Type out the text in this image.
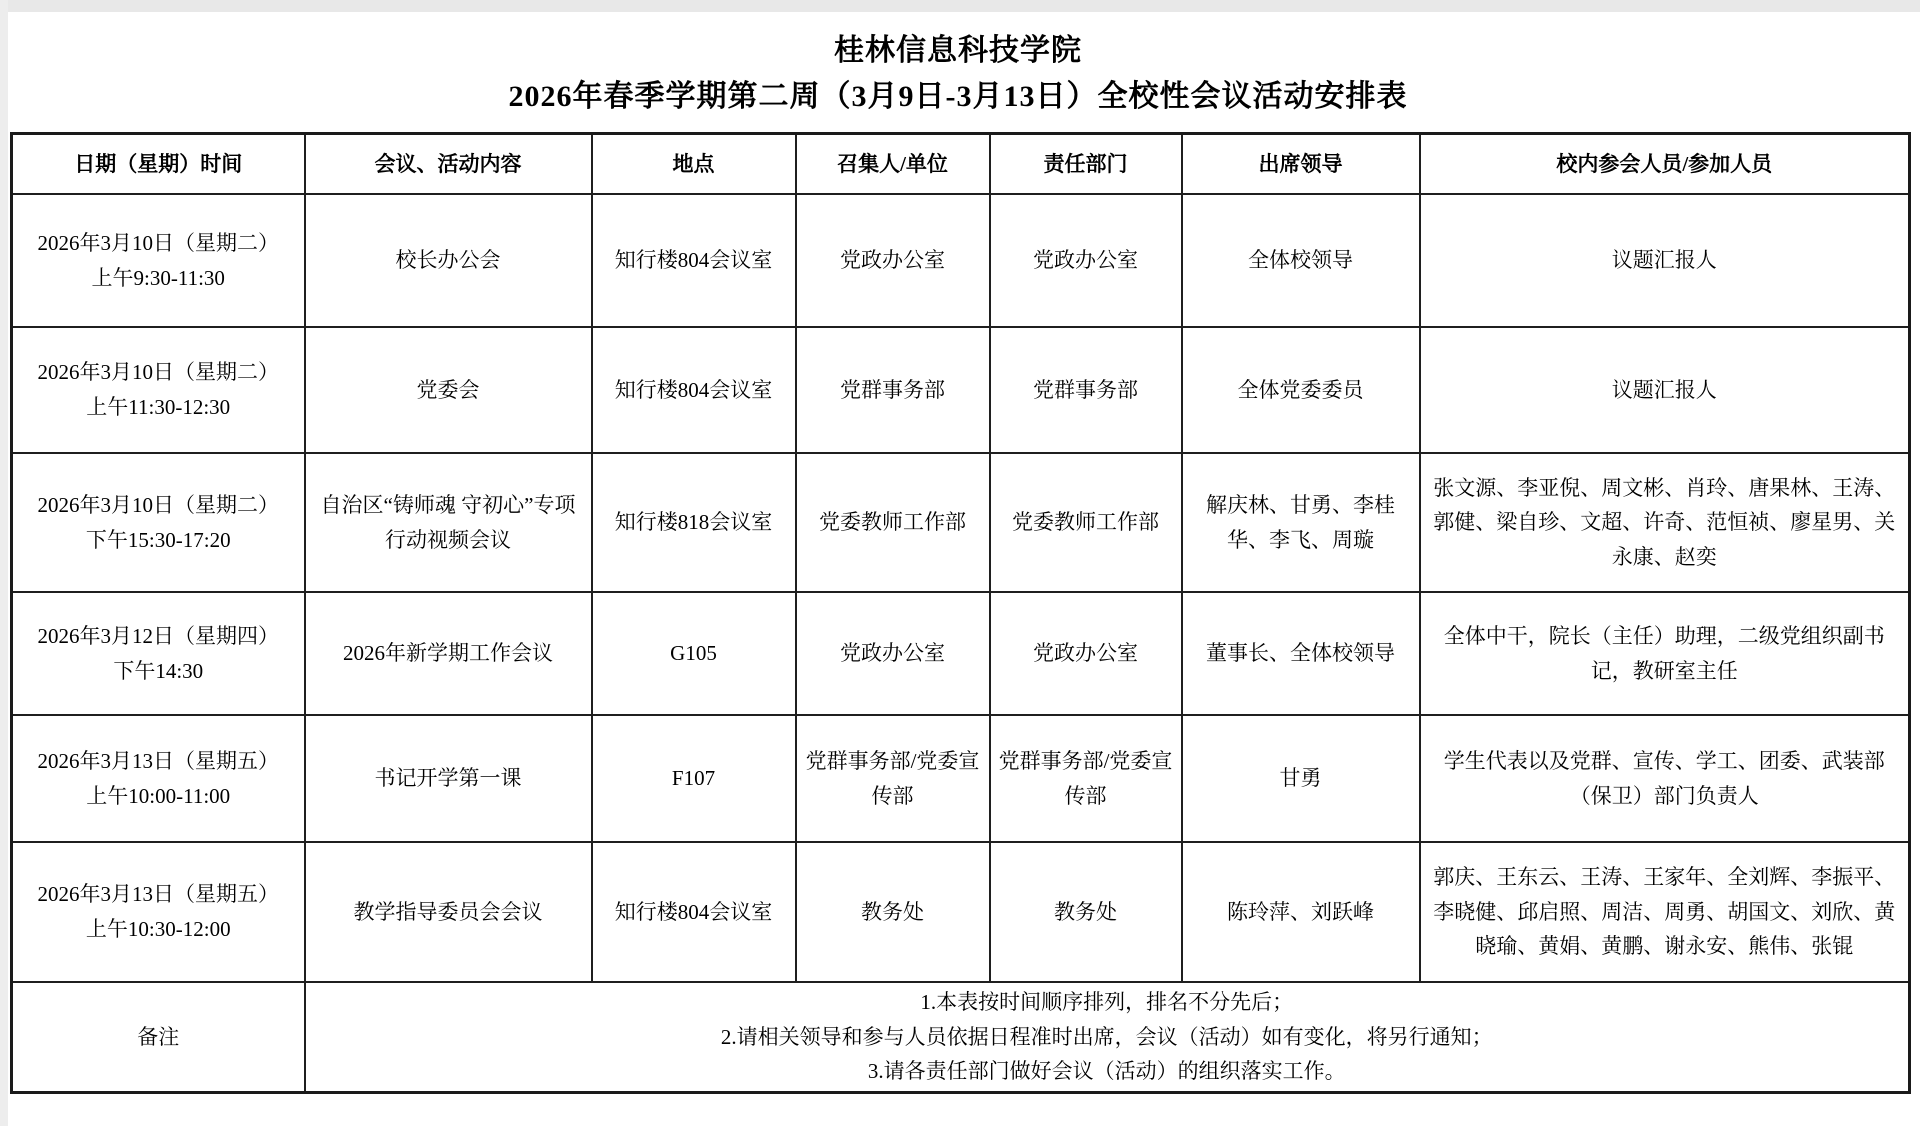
桂林信息科技学院
2026年春季学期第二周（3月9日-3月13日）全校性会议活动安排表
日期（星期）时间	会议、活动内容	地点	召集人/单位	责任部门	出席领导	校内参会人员/参加人员

2026年3月10日（星期二）
上午9:30-11:30	校长办公会	知行楼804会议室	党政办公室	党政办公室	全体校领导	议题汇报人

2026年3月10日（星期二）
上午11:30-12:30	党委会	知行楼804会议室	党群事务部	党群事务部	全体党委委员	议题汇报人

2026年3月10日（星期二）
下午15:30-17:20	自治区“铸师魂 守初心”专项行动视频会议	知行楼818会议室	党委教师工作部	党委教师工作部	解庆林、甘勇、李桂华、李飞、周璇	张文源、李亚倪、周文彬、肖玲、唐果林、王涛、郭健、梁自珍、文超、许奇、范恒祯、廖星男、关永康、赵奕

2026年3月12日（星期四）
下午14:30	2026年新学期工作会议	G105	党政办公室	党政办公室	董事长、全体校领导	全体中干，院长（主任）助理，二级党组织副书记，教研室主任

2026年3月13日（星期五）
上午10:00-11:00	书记开学第一课	F107	党群事务部/党委宣传部	党群事务部/党委宣传部	甘勇	学生代表以及党群、宣传、学工、团委、武装部（保卫）部门负责人

2026年3月13日（星期五）
上午10:30-12:00	教学指导委员会会议	知行楼804会议室	教务处	教务处	陈玲萍、刘跃峰	郭庆、王东云、王涛、王家年、全刘辉、李振平、李晓健、邱启照、周洁、周勇、胡国文、刘欣、黄晓瑜、黄娟、黄鹏、谢永安、熊伟、张锟
备注	1.本表按时间顺序排列，排名不分先后；
2.请相关领导和参与人员依据日程准时出席，会议（活动）如有变化，将另行通知；
3.请各责任部门做好会议（活动）的组织落实工作。					
